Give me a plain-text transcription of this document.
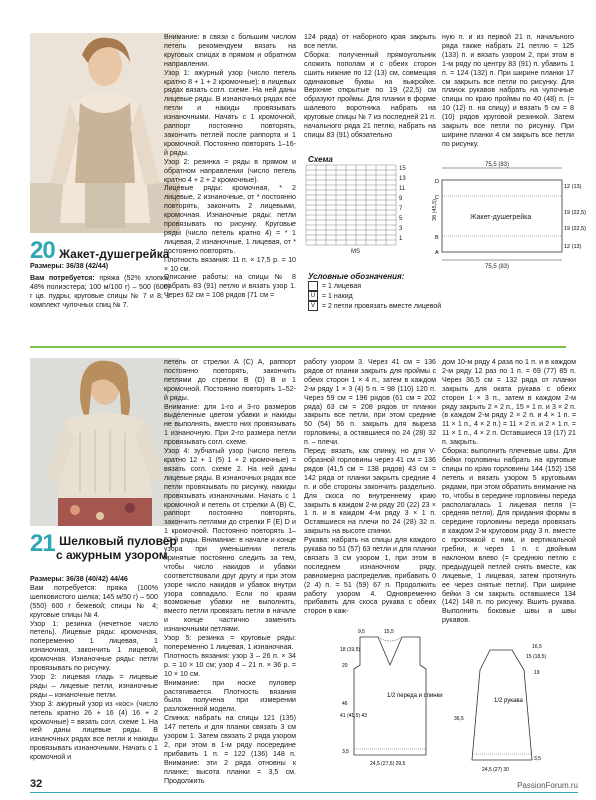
20 Жакет-душегрейка

Размеры: 36/38 (42/44)

Вам потребуется: пряжа (52% хлопка, 48% полиэстера; 100 м/100 г) – 500 (600) г цв. пудры; круговые спицы № 7 и 8; 1 комплект чулочных спиц № 7.

Внимание: в связи с большим числом петель рекомендуем вязать на круговых спицах в прямом и обратном направлении.

Узор 1: ажурный узор (число петель кратно 8 + 1 + 2 кромочные): в лицевых рядах вязать согл. схеме. На ней даны лицевые ряды. В изнаночных рядах все петли и накиды провязывать изнаночными. Начать с 1 кромочной, раппорт постоянно повторять, закончить петлей после раппорта и 1 кромочной. Постоянно повторять 1–16-й ряды.

Узор 2: резинка = ряды в прямом и обратном направлении (число петель кратно 4 + 2 + 2 кромочные).

Лицевые ряды: кромочная, * 2 лицевые, 2 изнаночные, от * постоянно повторять, закончить 2 лицевыми, кромочная. Изнаночные ряды: петли провязывать по рисунку. Круговые ряды (число петель кратно 4) = * 1 лицевая, 2 изнаночные, 1 лицевая, от * постоянно повторять.

Плотность вязания: 11 п. × 17,5 р. = 10 × 10 см.

Описание работы: на спицы № 8 набрать 83 (91) петлю и вязать узор 1. Через 62 см = 108 рядов (71 см =

124 ряда) от наборного края закрыть все петли.

Сборка: полученный прямоугольник сложить пополам и с обеих сторон сшить нижние по 12 (13) см, совмещая одинаковые буквы на выкройке. Верхние открытые по 19 (22,5) см образуют проймы. Для планки в форме шалевого воротника набрать на круговые спицы № 7 из последней 21 п. начального ряда 21 петлю, набрать на спицы 83 (91) обязательно

ную п. и из первой 21 п. начального ряда также набрать 21 петлю = 125 (133) п. и вязать узором 2, при этом в 1-м ряду по центру 83 (91) п. убавить 1 п. = 124 (132) п. При ширине планки 17 см закрыть все петли по рисунку. Для планок рукавов набрать на чулочные спицы по краю проймы по 40 (48) п. (= 10 (12) п. на спицу) и вязать 5 см = 8 (10) рядов круговой резинкой. Затем закрыть все петли по рисунку. При ширине планки 4 см закрыть все петли по рисунку.

Схема
15
13
11
9
7
5
3
1
MS
75,5 (83)
75,5 (83)
Жакет-душегрейка
38 (45,5)
D
C
B
A
12 (13)
19 (22,5)
19 (22,5)
12 (13)
Условные обозначения:
= 1 лицевая
U = 1 накид
V	= 2 петли провязать вместе лицевой
21 $^{Шелковый пуловер}$
с ажурным узором

Размеры: 36/38 (40/42) 44/46

Вам потребуется: пряжа (100% шелковистого шелка; 145 м/50 г) – 500 (550) 600 г бежевой; спицы № 4; круговые спицы № 4.

Узор 1: резинка (нечетное число петель). Лицевые ряды: кромочная, попеременно 1 лицевая, 1 изнаночная, закончить 1 лицевой, кромочная. Изнаночные ряды: петли провязывать по рисунку.

Узор 2: лицевая гладь = лицевые ряды – лицевые петли, изнаночные ряды – изнаночные петли.

Узор 3: ажурный узор из «кос» (число петель кратно 26 + 16 (4) 16 + 2 кромочные) = вязать согл. схеме 1. На ней даны лицевые ряды. В изнаночных рядах все петли и накиды провязывать изнаночными. Начать с 1 кромочной и

петель от стрелки A (C) A, раппорт постоянно повторять, закончить петлями до стрелки B (D) B и 1 кромочной. Постоянно повторять 1–52-й ряды.

Внимание: для 1-го и 3-го размеров выделенные цветом убавки и накиды не выполнять, вместо них провязывать 1 изнаночную. При 2-го размера петли провязывать согл. схеме.

Узор 4: зубчатый узор (число петель кратно 12 + 1 (5) 1 + 2 кромочные) = вязать согл. схеме 2. На ней даны лицевые ряды. В изнаночных рядах все петли провязывать по рисунку, накиды провязывать изнаночными. Начать с 1 кромочной и петель от стрелки A (B) C, раппорт постоянно повторять, закончить петлями до стрелки F (E) D и 1 кромочной. Постоянно повторять 1–52-й ряды. Внимание: в начале и конце узора при уменьшении петель принятые постоянно следить за тем, чтобы число накидов и убавки соответствовали друг другу и при этом узоре число накидов и убавок внутри узора совпадало. Если по краям возможные убавки не выполнить, вместо петли провязать петли в начале и конце частично заменить изнаночными петлями.

Узор 5: резинка = круговые ряды: попеременно 1 лицевая, 1 изнаночная.

Плотность вязания: узор 3 – 26 п. × 34 р. = 10 × 10 см; узор 4 – 21 п. × 36 р. = 10 × 10 см.

Внимание: при носке пуловер растягивается. Плотность вязания была получена при измерении разложенной модели.

Спинка: набрать на спицы 121 (135) 147 петель и для планки связать 3 см узором 1. Затем связать 2 ряда узором 2, при этом в 1-м ряду посередине прибавить 1 п. = 122 (136) 148 п. Внимание: эти 2 ряда отновны к планке; высота планки = 3,5 см. Продолжить

работу узором 3. Через 41 см = 136 рядов от планки закрыть для проймы с обеих сторон 1 × 4 п., затем в каждом 2-м ряду 1 × 3 (4) 5 п. = 98 (110) 120 п. Через 59 см = 196 рядов (61 см = 202 ряда) 63 см = 208 рядов от планки закрыть все петли, при этом средние 50 (54) 56 п. закрыть для выреза горловины, а оставшиеся по 24 (28) 32 п. – плечи.

Перед: вязать, как спинку, но для V-образной горловины через 41 см = 136 рядов (41,5 см = 138 рядов) 43 см = 142 ряда от планки закрыть средние 4 п. и обе стороны закончить раздельно. Для скоса по внутреннему краю закрыть в каждом 2-м ряду 20 (22) 23 × 1 п. и в каждом 4-м ряду 3 × 1 п. Оставшиеся на плечи по 24 (28) 32 п. закрыть на высоте спинки.

Рукава: набрать на спицы для каждого рукава по 51 (57) 63 петли и для планки связать 3 см узором 1, при этом в последнем изнаночном ряду, равномерно распределив, прибавить 0 (2 4) п. = 51 (59) 67 п. Продолжить работу узором 4. Одновременно прибавить для скоса рукава с обеих сторон в каж-

дом 10-м ряду 4 раза по 1 п. и в каждом 2-м ряду 12 раз по 1 п. = 69 (77) 85 п. Через 36,5 см = 132 ряда от планки закрыть для оката рукава с обеих сторон 1 × 3 п., затем в каждом 2-м ряду закрыть 2 × 2 п., 15 × 1 п. и 3 × 2 п. (в каждом 2-м ряду 2 × 2 п. и 4 × 1 п. = 11 × 1 п., 4 × 2 п.) = 11 × 2 п. и 2 × 1 п. = 11 × 1 п., 4 × 2 п. Оставшиеся 13 (17) 21 п. закрыть.

Сборка: выполнить плечевые швы. Для бейки горловины набрать на круговые спицы по краю горловины 144 (152) 158 петель и вязать узором 5 круговыми рядами, при этом обратить внимание на то, чтобы в середине горловины переда располагалась 1 лицевая петля (= средняя петля). Для придания формы в середине горловины переда провязать в каждом 2-м круговом ряду 3 п. вместе с протяжкой с ним, и вертикальной гребни, и через 1 п. с двойным наклоном влево (= среднюю петлю с предыдущей петлей снять вместе, как лицевые, 1 лицевая, затем протянуть ее через снятые петли). При ширине бейки 3 см закрыть оставшиеся 134 (142) 148 п. по рисунку. Вшить рукава. Выполнить боковые швы и швы рукавов.

1/2 переда и спинки
9,5	15,5
18 (19,5)
20
46
41 (41,5) 43
3,5
24,5 (27,5) 29,5
1/2 рукава
16,5
15 (18,5)
19
36,5
3,5
24,5 (27) 30
32	PassionForum.ru
